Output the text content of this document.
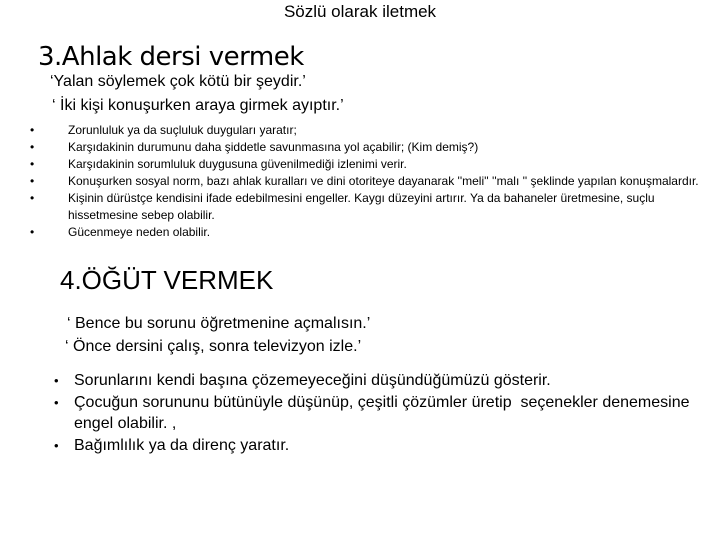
Sözlü olarak iletmek
3.Ahlak dersi vermek
‘Yalan söylemek çok kötü bir şeydir.’
‘ İki kişi konuşurken araya girmek ayıptır.’
•	Zorunluluk ya da suçluluk duyguları yaratır;
•	Karşıdakinin durumunu daha şiddetle savunmasına yol açabilir; (Kim demiş?)
•	Karşıdakinin sorumluluk duygusuna güvenilmediği izlenimi verir.
•	Konuşurken sosyal norm, bazı ahlak kuralları ve dini otoriteye dayanarak ''meli'' ''malı '' şeklinde yapılan konuşmalardır.
•	Kişinin dürüstçe kendisini ifade edebilmesini engeller. Kaygı düzeyini artırır. Ya da bahaneler üretmesine, suçlu hissetmesine sebep olabilir.
•	Gücenmeye neden olabilir.
4.ÖĞÜT VERMEK
‘ Bence bu sorunu öğretmenine açmalısın.’
‘ Önce dersini çalış, sonra televizyon izle.’
• Sorunlarını kendi başına çözemeyeceğini düşündüğümüzü gösterir.
• Çocuğun sorununu bütünüyle düşünüp, çeşitli çözümler üretip  seçenekler denemesine engel olabilir. ,
• Bağımlılık ya da direnç yaratır.
